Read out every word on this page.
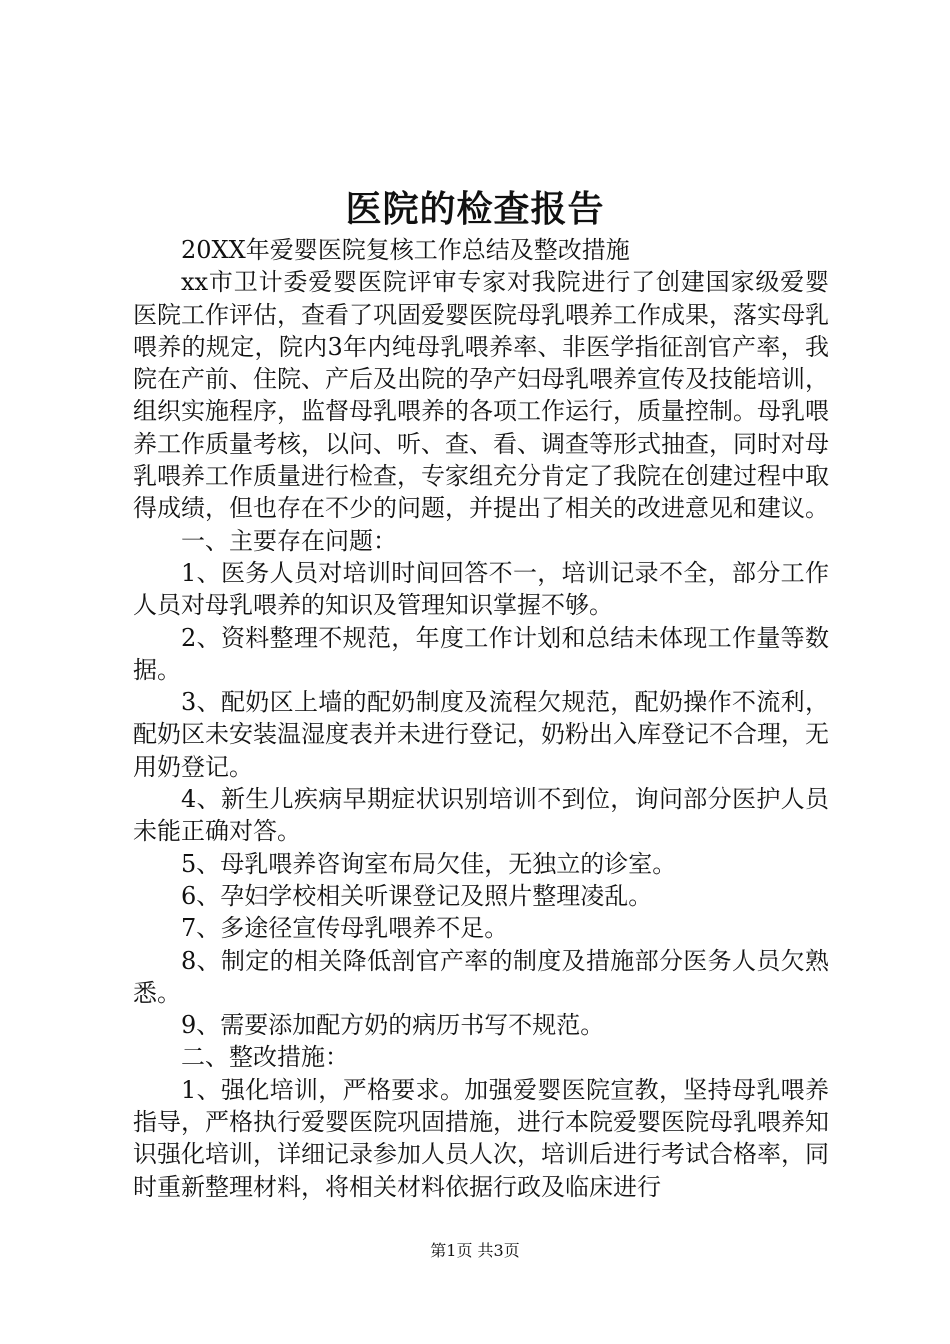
医院的检查报告

20XX年爱婴医院复核工作总结及整改措施

xx市卫计委爱婴医院评审专家对我院进行了创建国家级爱婴医院工作评估，查看了巩固爱婴医院母乳喂养工作成果，落实母乳喂养的规定，院内3年内纯母乳喂养率、非医学指征剖官产率，我院在产前、住院、产后及出院的孕产妇母乳喂养宣传及技能培训，组织实施程序，监督母乳喂养的各项工作运行，质量控制。母乳喂养工作质量考核，以问、听、查、看、调查等形式抽查，同时对母乳喂养工作质量进行检查，专家组充分肯定了我院在创建过程中取得成绩，但也存在不少的问题，并提出了相关的改进意见和建议。

一、主要存在问题：

1、医务人员对培训时间回答不一，培训记录不全，部分工作人员对母乳喂养的知识及管理知识掌握不够。

2、资料整理不规范，年度工作计划和总结未体现工作量等数据。

3、配奶区上墙的配奶制度及流程欠规范，配奶操作不流利，配奶区未安装温湿度表并未进行登记，奶粉出入库登记不合理，无用奶登记。

4、新生儿疾病早期症状识别培训不到位，询问部分医护人员未能正确对答。

5、母乳喂养咨询室布局欠佳，无独立的诊室。

6、孕妇学校相关听课登记及照片整理凌乱。

7、多途径宣传母乳喂养不足。

8、制定的相关降低剖官产率的制度及措施部分医务人员欠熟悉。

9、需要添加配方奶的病历书写不规范。

二、整改措施：

1、强化培训，严格要求。加强爱婴医院宣教，坚持母乳喂养指导，严格执行爱婴医院巩固措施，进行本院爱婴医院母乳喂养知识强化培训，详细记录参加人员人次，培训后进行考试合格率，同时重新整理材料，将相关材料依据行政及临床进行

第1页 共3页
